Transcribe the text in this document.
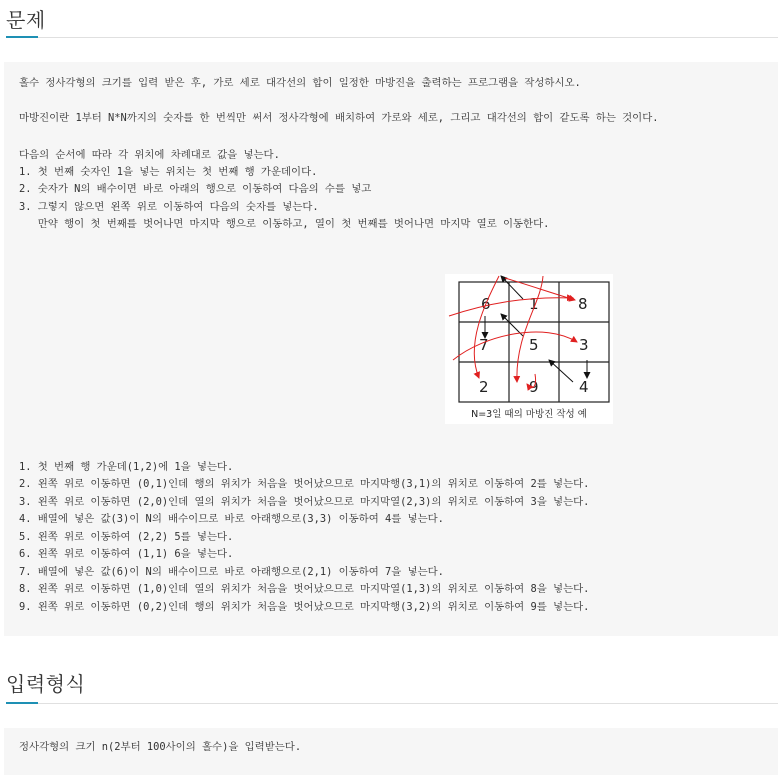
문제
홀수 정사각형의 크기를 입력 받은 후, 가로 세로 대각선의 합이 일정한 마방진을 출력하는 프로그램을 작성하시오.
마방진이란 1부터 N*N까지의 숫자를 한 번씩만 써서 정사각형에 배치하여 가로와 세로, 그리고 대각선의 합이 같도록 하는 것이다.
다음의 순서에 따라 각 위치에 차례대로 값을 넣는다.
1. 첫 번째 숫자인 1을 넣는 위치는 첫 번째 행 가운데이다.
2. 숫자가 N의 배수이면 바로 아래의 행으로 이동하여 다음의 수를 넣고
3. 그렇지 않으면 왼쪽 위로 이동하여 다음의 숫자를 넣는다.
만약 행이 첫 번째를 벗어나면 마지막 행으로 이동하고, 열이 첫 번째를 벗어나면 마지막 열로 이동한다.
6	1	8
7	5	3
2	9	4
N=3일 때의 마방진 작성 예
1. 첫 번째 행 가운데(1,2)에 1을 넣는다.
2. 왼쪽 위로 이동하면 (0,1)인데 행의 위치가 처음을 벗어났으므로 마지막행(3,1)의 위치로 이동하여 2를 넣는다.
3. 왼쪽 위로 이동하면 (2,0)인데 열의 위치가 처음을 벗어났으므로 마지막열(2,3)의 위치로 이동하여 3을 넣는다.
4. 배열에 넣은 값(3)이 N의 배수이므로 바로 아래행으로(3,3) 이동하여 4를 넣는다.
5. 왼쪽 위로 이동하여 (2,2) 5를 넣는다.
6. 왼쪽 위로 이동하여 (1,1) 6을 넣는다.
7. 배열에 넣은 값(6)이 N의 배수이므로 바로 아래행으로(2,1) 이동하여 7을 넣는다.
8. 왼쪽 위로 이동하면 (1,0)인데 열의 위치가 처음을 벗어났으므로 마지막열(1,3)의 위치로 이동하여 8을 넣는다.
9. 왼쪽 위로 이동하면 (0,2)인데 행의 위치가 처음을 벗어났으므로 마지막행(3,2)의 위치로 이동하여 9를 넣는다.
입력형식
정사각형의 크기 n(2부터 100사이의 홀수)을 입력받는다.
